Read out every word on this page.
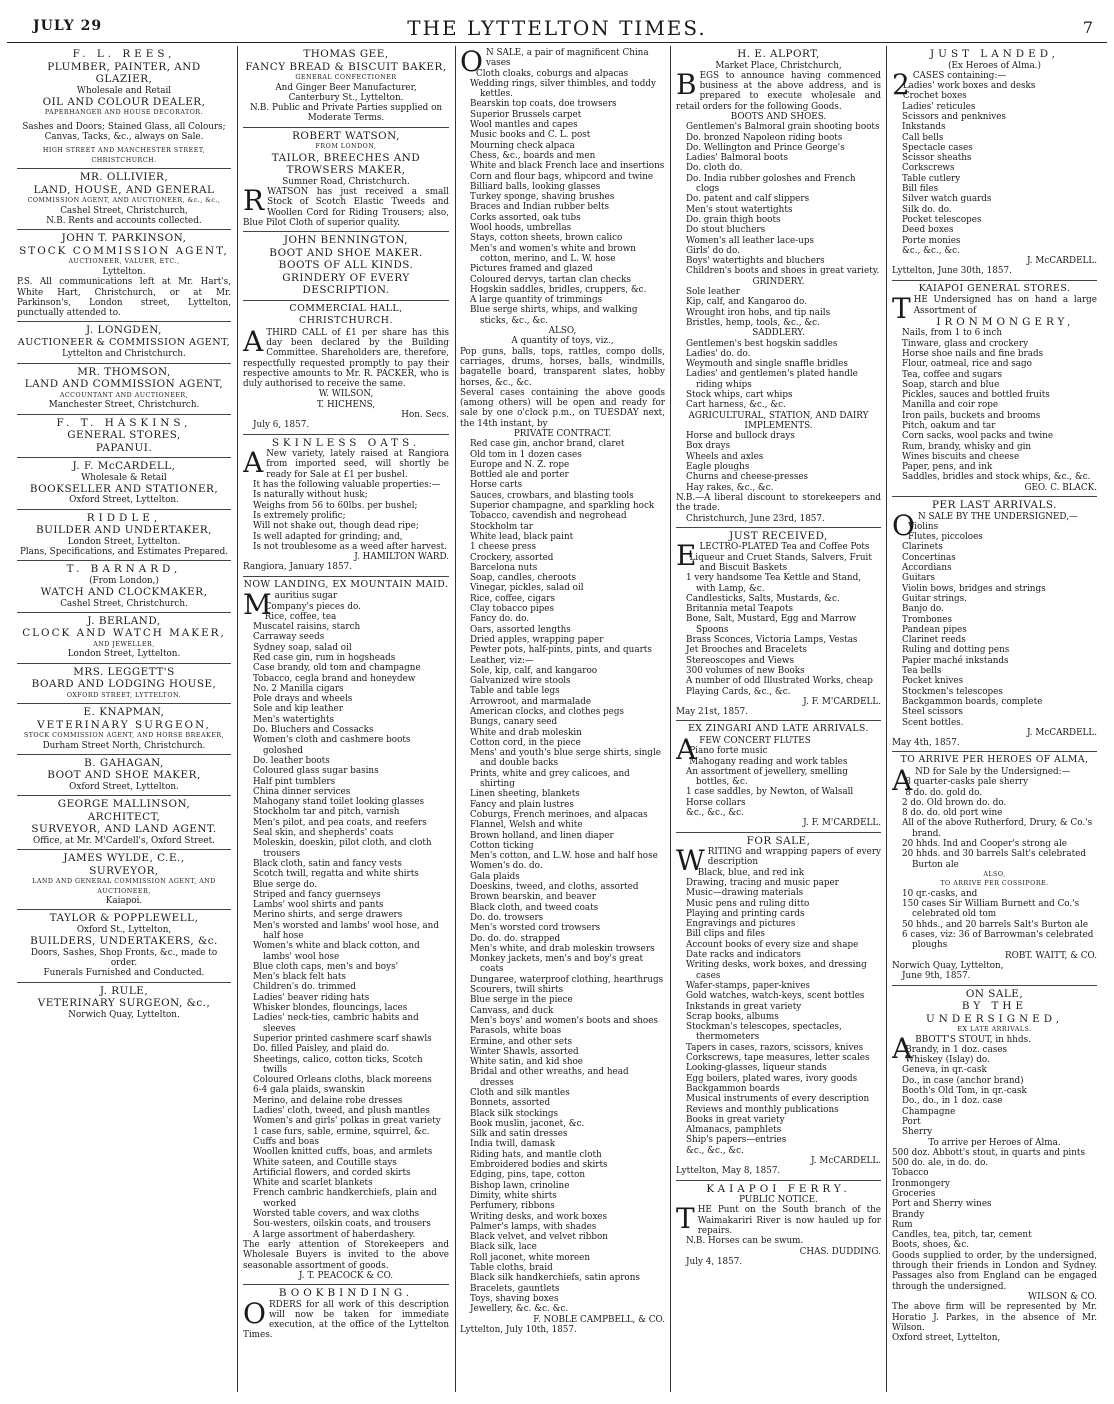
JULY 29	THE LYTTELTON TIMES.	7
F. L. REES,
PLUMBER, PAINTER, AND GLAZIER,
Wholesale and Retail
OIL AND COLOUR DEALER,
PAPERHANGER AND HOUSE DECORATOR.
Sashes and Doors; Stained Glass, all Colours; Canvas, Tacks, &c., always on Sale.
HIGH STREET AND MANCHESTER STREET, CHRISTCHURCH.
MR. OLLIVIER,
LAND, HOUSE, AND GENERAL
COMMISSION AGENT, AND AUCTIONEER, &c., &c.,
Cashel Street, Christchurch,
N.B. Rents and accounts collected.
JOHN T. PARKINSON,
STOCK COMMISSION AGENT,
AUCTIONEER, VALUER, ETC.,
Lyttelton.
P.S. All communications left at Mr. Hart's, White Hart, Christchurch, or at Mr. Parkinson's, London street, Lyttelton, punctually attended to.
J. LONGDEN,
AUCTIONEER & COMMISSION AGENT,
Lyttelton and Christchurch.
MR. THOMSON,
LAND AND COMMISSION AGENT,
ACCOUNTANT AND AUCTIONEER,
Manchester Street, Christchurch.
F. T. HASKINS,
GENERAL STORES,
PAPANUI.
J. F. McCARDELL,
Wholesale & Retail
BOOKSELLER AND STATIONER,
Oxford Street, Lyttelton.
RIDDLE,
BUILDER AND UNDERTAKER,
London Street, Lyttelton.
Plans, Specifications, and Estimates Prepared.
T. BARNARD,
(From London,)
WATCH AND CLOCKMAKER,
Cashel Street, Christchurch.
J. BERLAND,
CLOCK AND WATCH MAKER,
AND JEWELLER,
London Street, Lyttelton.
MRS. LEGGETT'S
BOARD AND LODGING HOUSE,
OXFORD STREET, LYTTELTON.
E. KNAPMAN,
VETERINARY SURGEON,
STOCK COMMISSION AGENT, AND HORSE BREAKER,
Durham Street North, Christchurch.
B. GAHAGAN,
BOOT AND SHOE MAKER,
Oxford Street, Lyttelton.
GEORGE MALLINSON,
ARCHITECT,
SURVEYOR, AND LAND AGENT.
Office, at Mr. M'Cardell's, Oxford Street.
JAMES WYLDE, C.E.,
SURVEYOR,
LAND AND GENERAL COMMISSION AGENT, AND AUCTIONEER,
Kaiapoi.
TAYLOR & POPPLEWELL,
Oxford St., Lyttelton,
BUILDERS, UNDERTAKERS, &c.
Doors, Sashes, Shop Fronts, &c., made to order.
Funerals Furnished and Conducted.
J. RULE,
VETERINARY SURGEON, &c.,
Norwich Quay, Lyttelton.
THOMAS GEE,
FANCY BREAD & BISCUIT BAKER,
GENERAL CONFECTIONER
And Ginger Beer Manufacturer,
Canterbury St., Lyttelton.
N.B. Public and Private Parties supplied on Moderate Terms.
ROBERT WATSON,
FROM LONDON,
TAILOR, BREECHES AND TROWSERS MAKER,
Sumner Road, Christchurch.
RWATSON has just received a small Stock of Scotch Elastic Tweeds and Woollen Cord for Riding Trousers; also, Blue Pilot Cloth of superior quality.
JOHN BENNINGTON,
BOOT AND SHOE MAKER.
BOOTS OF ALL KINDS.
GRINDERY OF EVERY DESCRIPTION.
COMMERCIAL HALL, CHRISTCHURCH.
ATHIRD CALL of £1 per share has this day been declared by the Building Committee. Shareholders are, therefore, respectfully requested promptly to pay their respective amounts to Mr. R. PACKER, who is duly authorised to receive the same.
W. WILSON,
T. HICHENS,
Hon. Secs.
July 6, 1857.
SKINLESS OATS.
A New variety, lately raised at Rangiora from imported seed, will shortly be ready for Sale at £1 per bushel.
It has the following valuable properties:—
Is naturally without husk;
Weighs from 56 to 60lbs. per bushel;
Is extremely prolific;
Will not shake out, though dead ripe;
Is well adapted for grinding; and,
Is not troublesome as a weed after harvest.
J. HAMILTON WARD.
Rangiora, January 1857.
NOW LANDING, EX MOUNTAIN MAID.
Mauritius sugar
Company's pieces do.
Rice, coffee, tea
Muscatel raisins, starch
Carraway seeds
Sydney soap, salad oil
Red case gin, rum in hogsheads
Case brandy, old tom and champagne
Tobacco, cegla brand and honeydew
No. 2 Manilla cigars
Pole drays and wheels
Sole and kip leather
Men's watertights
Do. Bluchers and Cossacks
Women's cloth and cashmere boots goloshed
Do. leather boots
Coloured glass sugar basins
Half pint tumblers
China dinner services
Mahogany stand toilet looking glasses
Stockholm tar and pitch, varnish
Men's pilot, and pea coats, and reefers
Seal skin, and shepherds' coats
Moleskin, doeskin, pilot cloth, and cloth trousers
Black cloth, satin and fancy vests
Scotch twill, regatta and white shirts
Blue serge do.
Striped and fancy guernseys
Lambs' wool shirts and pants
Merino shirts, and serge drawers
Men's worsted and lambs' wool hose, and half hose
Women's white and black cotton, and lambs' wool hose
Blue cloth caps, men's and boys'
Men's black felt hats
Children's do. trimmed
Ladies' beaver riding hats
Whisker blondes, flouncings, laces
Ladies' neck-ties, cambric habits and sleeves
Superior printed cashmere scarf shawls
Do. filled Paisley, and plaid do.
Sheetings, calico, cotton ticks, Scotch twills
Coloured Orleans cloths, black moreens
6-4 gala plaids, swanskin
Merino, and delaine robe dresses
Ladies' cloth, tweed, and plush mantles
Women's and girls' polkas in great variety
1 case furs, sable, ermine, squirrel, &c.
Cuffs and boas
Woollen knitted cuffs, boas, and armlets
White sateen, and Coutille stays
Artificial flowers, and corded skirts
White and scarlet blankets
French cambric handkerchiefs, plain and worked
Worsted table covers, and wax cloths
Sou-westers, oilskin coats, and trousers
A large assortment of haberdashery.
The early attention of Storekeepers and Wholesale Buyers is invited to the above seasonable assortment of goods.
J. T. PEACOCK & CO.
BOOKBINDING.
ORDERS for all work of this description will now be taken for immediate execution, at the office of the Lyttelton Times.
O N SALE, a pair of magnificent China vases
Cloth cloaks, coburgs and alpacas
Wedding rings, silver thimbles, and toddy kettles.
Bearskin top coats, doe trowsers
Superior Brussels carpet
Wool mantles and capes
Music books and C. L. post
Mourning check alpaca
Chess, &c., boards and men
White and black French lace and insertions
Corn and flour bags, whipcord and twine
Billiard balls, looking glasses
Turkey sponge, shaving brushes
Braces and Indian rubber belts
Corks assorted, oak tubs
Wool hoods, umbrellas
Stays, cotton sheets, brown calico
Men's and women's white and brown cotton, merino, and L. W. hose
Pictures framed and glazed
Coloured dervys, tartan clan checks
Hogskin saddles, bridles, cruppers, &c.
A large quantity of trimmings
Blue serge shirts, whips, and walking sticks, &c., &c.
ALSO,
A quantity of toys, viz.,
Pop guns, balls, tops, rattles, compo dolls, carriages, drums, horses, balls, windmills, bagatelle board, transparent slates, hobby horses, &c., &c.
Several cases containing the above goods (among others) will be open and ready for sale by one o'clock p.m., on TUESDAY next, the 14th instant, by
PRIVATE CONTRACT.
Red case gin, anchor brand, claret
Old tom in 1 dozen cases
Europe and N. Z. rope
Bottled ale and porter
Horse carts
Sauces, crowbars, and blasting tools
Superior champagne, and sparkling hock
Tobacco, cavendish and negrohead
Stockholm tar
White lead, black paint
1 cheese press
Crockery, assorted
Barcelona nuts
Soap, candles, cheroots
Vinegar, pickles, salad oil
Rice, coffee, cigars
Clay tobacco pipes
Fancy do. do.
Oars, assorted lengths
Dried apples, wrapping paper
Pewter pots, half-pints, pints, and quarts
Leather, viz:—
Sole, kip, calf, and kangaroo
Galvanized wire stools
Table and table legs
Arrowroot, and marmalade
American clocks, and clothes pegs
Bungs, canary seed
White and drab moleskin
Cotton cord, in the piece
Mens' and youth's blue serge shirts, single and double backs
Prints, white and grey calicoes, and shirting
Linen sheeting, blankets
Fancy and plain lustres
Coburgs, French merinoes, and alpacas
Flannel, Welsh and white
Brown holland, and linen diaper
Cotton ticking
Men's cotton, and L.W. hose and half hose
Women's do. do.
Gala plaids
Doeskins, tweed, and cloths, assorted
Brown bearskin, and beaver
Black cloth, and tweed coats
Do. do. trowsers
Men's worsted cord trowsers
Do. do. do. strapped
Men's white, and drab moleskin trowsers
Monkey jackets, men's and boy's great coats
Dungaree, waterproof clothing, hearthrugs
Scourers, twill shirts
Blue serge in the piece
Canvass, and duck
Men's boys' and women's boots and shoes
Parasols, white boas
Ermine, and other sets
Winter Shawls, assorted
White satin, and kid shoe
Bridal and other wreaths, and head dresses
Cloth and silk mantles
Bonnets, assorted
Black silk stockings
Book muslin, jaconet, &c.
Silk and satin dresses
India twill, damask
Riding hats, and mantle cloth
Embroidered bodies and skirts
Edging, pins, tape, cotton
Bishop lawn, crinoline
Dimity, white shirts
Perfumery, ribbons
Writing desks, and work boxes
Palmer's lamps, with shades
Black velvet, and velvet ribbon
Black silk, lace
Roll jaconet, white moreen
Table cloths, braid
Black silk handkerchiefs, satin aprons
Bracelets, gauntlets
Toys, shaving boxes
Jewellery, &c. &c. &c.
F. NOBLE CAMPBELL, & CO.
Lyttelton, July 10th, 1857.
H. E. ALPORT,
Market Place, Christchurch,
BEGS to announce having commenced business at the above address, and is prepared to execute wholesale and retail orders for the following Goods.
BOOTS AND SHOES.
Gentlemen's Balmoral grain shooting boots
Do. bronzed Napoleon riding boots
Do. Wellington and Prince George's
Ladies' Balmoral boots
Do. cloth do.
Do. India rubber goloshes and French clogs
Do. patent and calf slippers
Men's stout watertights
Do. grain thigh boots
Do stout bluchers
Women's all leather lace-ups
Girls' do do.
Boys' watertights and bluchers
Children's boots and shoes in great variety.
GRINDERY.
Sole leather
Kip, calf, and Kangaroo do.
Wrought iron hobs, and tip nails
Bristles, hemp, tools, &c., &c.
SADDLERY.
Gentlemen's best hogskin saddles
Ladies' do. do.
Weymouth and single snaffle bridles
Ladies' and gentlemen's plated handle riding whips
Stock whips, cart whips
Cart harness, &c., &c.
AGRICULTURAL, STATION, AND DAIRY IMPLEMENTS.
Horse and bullock drays
Box drays
Wheels and axles
Eagle ploughs
Churns and cheese-presses
Hay rakes, &c., &c.
N.B.—A liberal discount to storekeepers and the trade.
Christchurch, June 23rd, 1857.
JUST RECEIVED,
ELECTRO-PLATED Tea and Coffee Pots
Liqueur and Cruet Stands, Salvers, Fruit and Biscuit Baskets
1 very handsome Tea Kettle and Stand, with Lamp, &c.
Candlesticks, Salts, Mustards, &c.
Britannia metal Teapots
Bone, Salt, Mustard, Egg and Marrow Spoons
Brass Sconces, Victoria Lamps, Vestas
Jet Brooches and Bracelets
Stereoscopes and Views
300 volumes of new Books
A number of odd Illustrated Works, cheap
Playing Cards, &c., &c.
J. F. M'CARDELL.
May 21st, 1857.
EX ZINGARI AND LATE ARRIVALS.
AFEW CONCERT FLUTES
Piano forte music
Mahogany reading and work tables
An assortment of jewellery, smelling bottles, &c.
1 case saddles, by Newton, of Walsall
Horse collars
&c., &c., &c.
J. F. M'CARDELL.
FOR SALE,
WRITING and wrapping papers of every description
Black, blue, and red ink
Drawing, tracing and music paper
Music—drawing materials
Music pens and ruling ditto
Playing and printing cards
Engravings and pictures
Bill clips and files
Account books of every size and shape
Date racks and indicators
Writing desks, work boxes, and dressing cases
Wafer-stamps, paper-knives
Gold watches, watch-keys, scent bottles
Inkstands in great variety
Scrap books, albums
Stockman's telescopes, spectacles, thermometers
Tapers in cases, razors, scissors, knives
Corkscrews, tape measures, letter scales
Looking-glasses, liqueur stands
Egg boilers, plated wares, ivory goods
Backgammon boards
Musical instruments of every description
Reviews and monthly publications
Books in great variety
Almanacs, pamphlets
Ship's papers—entries
&c., &c., &c.
J. McCARDELL.
Lyttelton, May 8, 1857.
KAIAPOI FERRY.
PUBLIC NOTICE.
THE Punt on the South branch of the Waimakariri River is now hauled up for repairs.
N.B. Horses can be swum.
CHAS. DUDDING.
July 4, 1857.
JUST LANDED,
(Ex Heroes of Alma.)
2 CASES containing:—
Ladies' work boxes and desks
Crochet boxes
Ladies' reticules
Scissors and penknives
Inkstands
Call bells
Spectacle cases
Scissor sheaths
Corkscrews
Table cutlery
Bill files
Silver watch guards
Silk do. do.
Pocket telescopes
Deed boxes
Porte monies
&c., &c., &c.
J. McCARDELL.
Lyttelton, June 30th, 1857.
KAIAPOI GENERAL STORES.
THE Undersigned has on hand a large Assortment of
IRONMONGERY,
Nails, from 1 to 6 inch
Tinware, glass and crockery
Horse shoe nails and fine brads
Flour, oatmeal, rice and sago
Tea, coffee and sugars
Soap, starch and blue
Pickles, sauces and bottled fruits
Manilla and coir rope
Iron pails, buckets and brooms
Pitch, oakum and tar
Corn sacks, wool packs and twine
Rum, brandy, whisky and gin
Wines biscuits and cheese
Paper, pens, and ink
Saddles, bridles and stock whips, &c., &c.
GEO. C. BLACK.
PER LAST ARRIVALS.
O N SALE BY THE UNDERSIGNED,—
Violins
Flutes, piccoloes
Clarinets
Concertinas
Accordians
Guitars
Violin bows, bridges and strings
Guitar strings.
Banjo do.
Trombones
Pandean pipes
Clarinet reeds
Ruling and dotting pens
Papier maché inkstands
Tea bells
Pocket knives
Stockmen's telescopes
Backgammon boards, complete
Steel scissors
Scent bottles.
J. McCARDELL.
May 4th, 1857.
TO ARRIVE PER HEROES OF ALMA,
AND for Sale by the Undersigned:—
8 quarter-casks pale sherry
8 do. do. gold do.
2 do. Old brown do. do.
8 do. do. old port wine
All of the above Rutherford, Drury, & Co.'s brand.
20 hhds. Ind and Cooper's strong ale
20 hhds. and 30 barrels Salt's celebrated Burton ale
ALSO,
TO ARRIVE PER COSSIPORE.
10 qr.-casks, and
150 cases Sir William Burnett and Co.'s celebrated old tom
50 hhds., and 20 barrels Salt's Burton ale
6 cases, viz: 36 of Barrowman's celebrated ploughs
ROBT. WAITT, & CO.
Norwich Quay, Lyttelton,
June 9th, 1857.
ON SALE,
BY THE UNDERSIGNED,
EX LATE ARRIVALS.
ABBOTT'S STOUT, in hhds.
Brandy, in 1 doz. cases
Whiskey (Islay) do.
Geneva, in qr.-cask
Do., in case (anchor brand)
Booth's Old Tom, in qr.-cask
Do., do., in 1 doz. case
Champagne
Port
Sherry
To arrive per Heroes of Alma.
500 doz. Abbott's stout, in quarts and pints
500 do. ale, in do. do.
Tobacco
Ironmongery
Groceries
Port and Sherry wines
Brandy
Rum
Candles, tea, pitch, tar, cement
Boots, shoes, &c.
Goods supplied to order, by the undersigned, through their friends in London and Sydney. Passages also from England can be engaged through the undersigned.
WILSON & CO.
The above firm will be represented by Mr. Horatio J. Parkes, in the absence of Mr. Wilson.
Oxford street, Lyttelton,
